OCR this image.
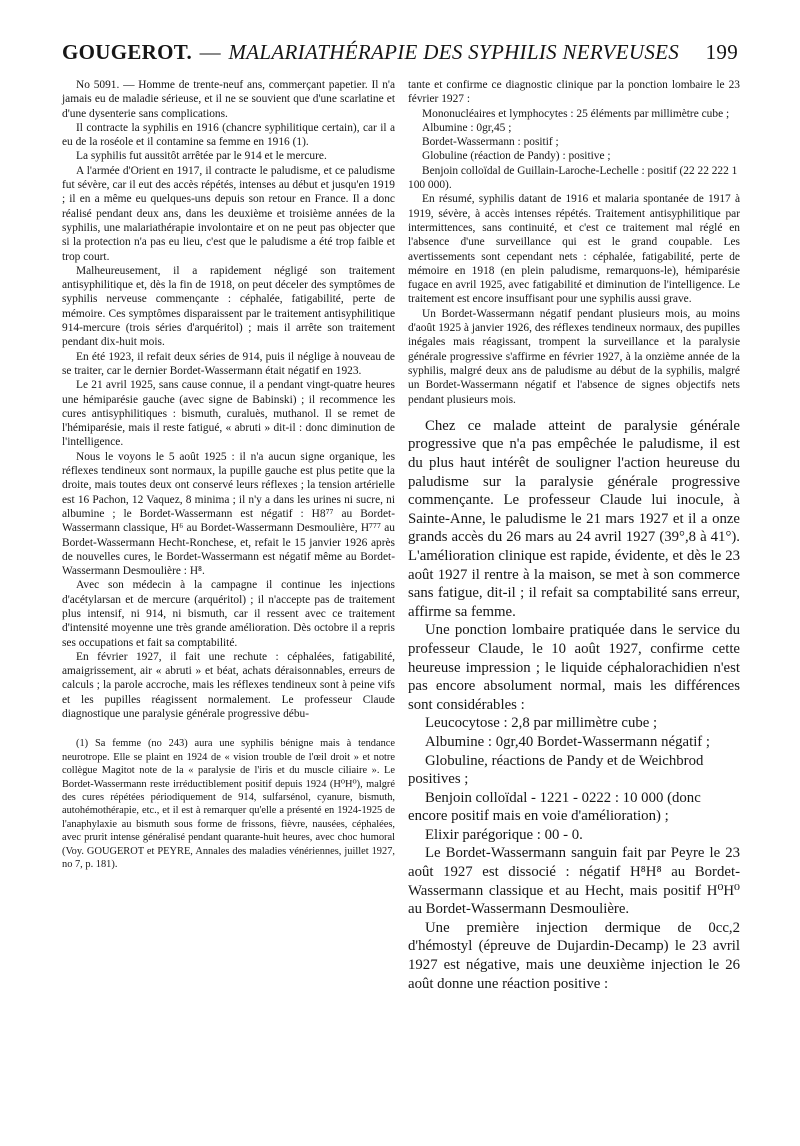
GOUGEROT. — MALARIATHÉRAPIE DES SYPHILIS NERVEUSES 199

No 5091. — Homme de trente-neuf ans, commerçant papetier. Il n'a jamais eu de maladie sérieuse, et il ne se souvient que d'une scarlatine et d'une dysenterie sans complications.

Il contracte la syphilis en 1916 (chancre syphilitique certain), car il a eu de la roséole et il contamine sa femme en 1916 (1).

La syphilis fut aussitôt arrêtée par le 914 et le mercure.

A l'armée d'Orient en 1917, il contracte le paludisme, et ce paludisme fut sévère, car il eut des accès répétés, intenses au début et jusqu'en 1919 ; il en a même eu quelques-uns depuis son retour en France. Il a donc réalisé pendant deux ans, dans les deuxième et troisième années de la syphilis, une malariathérapie involontaire et on ne peut pas objecter que si la protection n'a pas eu lieu, c'est que le paludisme a été trop faible et trop court.

Malheureusement, il a rapidement négligé son traitement antisyphilitique et, dès la fin de 1918, on peut déceler des symptômes de syphilis nerveuse commençante : céphalée, fatigabilité, perte de mémoire. Ces symptômes disparaissent par le traitement antisyphilitique 914-mercure (trois séries d'arquéritol) ; mais il arrête son traitement pendant dix-huit mois.

En été 1923, il refait deux séries de 914, puis il néglige à nouveau de se traiter, car le dernier Bordet-Wassermann était négatif en 1923.

Le 21 avril 1925, sans cause connue, il a pendant vingt-quatre heures une hémiparésie gauche (avec signe de Babinski) ; il recommence les cures antisyphilitiques : bismuth, curaluès, muthanol. Il se remet de l'hémiparésie, mais il reste fatigué, « abruti » dit-il : donc diminution de l'intelligence.

Nous le voyons le 5 août 1925 : il n'a aucun signe organique, les réflexes tendineux sont normaux, la pupille gauche est plus petite que la droite, mais toutes deux ont conservé leurs réflexes ; la tension artérielle est 16 Pachon, 12 Vaquez, 8 minima ; il n'y a dans les urines ni sucre, ni albumine ; le Bordet-Wassermann est négatif : H8⁷⁷ au Bordet-Wassermann classique, H⁶ au Bordet-Wassermann Desmoulière, H⁷⁷⁷ au Bordet-Wassermann Hecht-Ronchese, et, refait le 15 janvier 1926 après de nouvelles cures, le Bordet-Wassermann est négatif même au Bordet-Wassermann Desmoulière : H⁸.

Avec son médecin à la campagne il continue les injections d'acétylarsan et de mercure (arquéritol) ; il n'accepte pas de traitement plus intensif, ni 914, ni bismuth, car il ressent avec ce traitement d'intensité moyenne une très grande amélioration. Dès octobre il a repris ses occupations et fait sa comptabilité.

En février 1927, il fait une rechute : céphalées, fatigabilité, amaigrissement, air « abruti » et béat, achats déraisonnables, erreurs de calculs ; la parole accroche, mais les réflexes tendineux sont à peine vifs et les pupilles réagissent normalement. Le professeur Claude diagnostique une paralysie générale progressive débu-

(1) Sa femme (no 243) aura une syphilis bénigne mais à tendance neurotrope. Elle se plaint en 1924 de « vision trouble de l'œil droit » et notre collègue Magitot note de la « paralysie de l'iris et du muscle ciliaire ». Le Bordet-Wassermann reste irréductiblement positif depuis 1924 (H⁰H⁰), malgré des cures répétées périodiquement de 914, sulfarsénol, cyanure, bismuth, autohémothérapie, etc., et il est à remarquer qu'elle a présenté en 1924-1925 de l'anaphylaxie au bismuth sous forme de frissons, fièvre, nausées, céphalées, avec prurit intense généralisé pendant quarante-huit heures, avec choc humoral (Voy. GOUGEROT et PEYRE, Annales des maladies vénériennes, juillet 1927, no 7, p. 181).

tante et confirme ce diagnostic clinique par la ponction lombaire le 23 février 1927 :

Mononucléaires et lymphocytes : 25 éléments par millimètre cube ;

Albumine : 0gr,45 ;

Bordet-Wassermann : positif ;

Globuline (réaction de Pandy) : positive ;

Benjoin colloïdal de Guillain-Laroche-Lechelle : positif (22 22 222 1 100 000).

En résumé, syphilis datant de 1916 et malaria spontanée de 1917 à 1919, sévère, à accès intenses répétés. Traitement antisyphilitique par intermittences, sans continuité, et c'est ce traitement mal réglé en l'absence d'une surveillance qui est le grand coupable. Les avertissements sont cependant nets : céphalée, fatigabilité, perte de mémoire en 1918 (en plein paludisme, remarquons-le), hémiparésie fugace en avril 1925, avec fatigabilité et diminution de l'intelligence. Le traitement est encore insuffisant pour une syphilis aussi grave.

Un Bordet-Wassermann négatif pendant plusieurs mois, au moins d'août 1925 à janvier 1926, des réflexes tendineux normaux, des pupilles inégales mais réagissant, trompent la surveillance et la paralysie générale progressive s'affirme en février 1927, à la onzième année de la syphilis, malgré deux ans de paludisme au début de la syphilis, malgré un Bordet-Wassermann négatif et l'absence de signes objectifs nets pendant plusieurs mois.

Chez ce malade atteint de paralysie générale progressive que n'a pas empêchée le paludisme, il est du plus haut intérêt de souligner l'action heureuse du paludisme sur la paralysie générale progressive commençante. Le professeur Claude lui inocule, à Sainte-Anne, le paludisme le 21 mars 1927 et il a onze grands accès du 26 mars au 24 avril 1927 (39°,8 à 41°). L'amélioration clinique est rapide, évidente, et dès le 23 août 1927 il rentre à la maison, se met à son commerce sans fatigue, dit-il ; il refait sa comptabilité sans erreur, affirme sa femme.

Une ponction lombaire pratiquée dans le service du professeur Claude, le 10 août 1927, confirme cette heureuse impression ; le liquide céphalorachidien n'est pas encore absolument normal, mais les différences sont considérables :

Leucocytose : 2,8 par millimètre cube ;

Albumine : 0gr,40 Bordet-Wassermann négatif ;

Globuline, réactions de Pandy et de Weichbrod positives ;

Benjoin colloïdal - 1221 - 0222 : 10 000 (donc encore positif mais en voie d'amélioration) ;

Elixir parégorique : 00 - 0.

Le Bordet-Wassermann sanguin fait par Peyre le 23 août 1927 est dissocié : négatif H⁸H⁸ au Bordet-Wassermann classique et au Hecht, mais positif H⁰H⁰ au Bordet-Wassermann Desmoulière.

Une première injection dermique de 0cc,2 d'hémostyl (épreuve de Dujardin-Decamp) le 23 avril 1927 est négative, mais une deuxième injection le 26 août donne une réaction positive :
